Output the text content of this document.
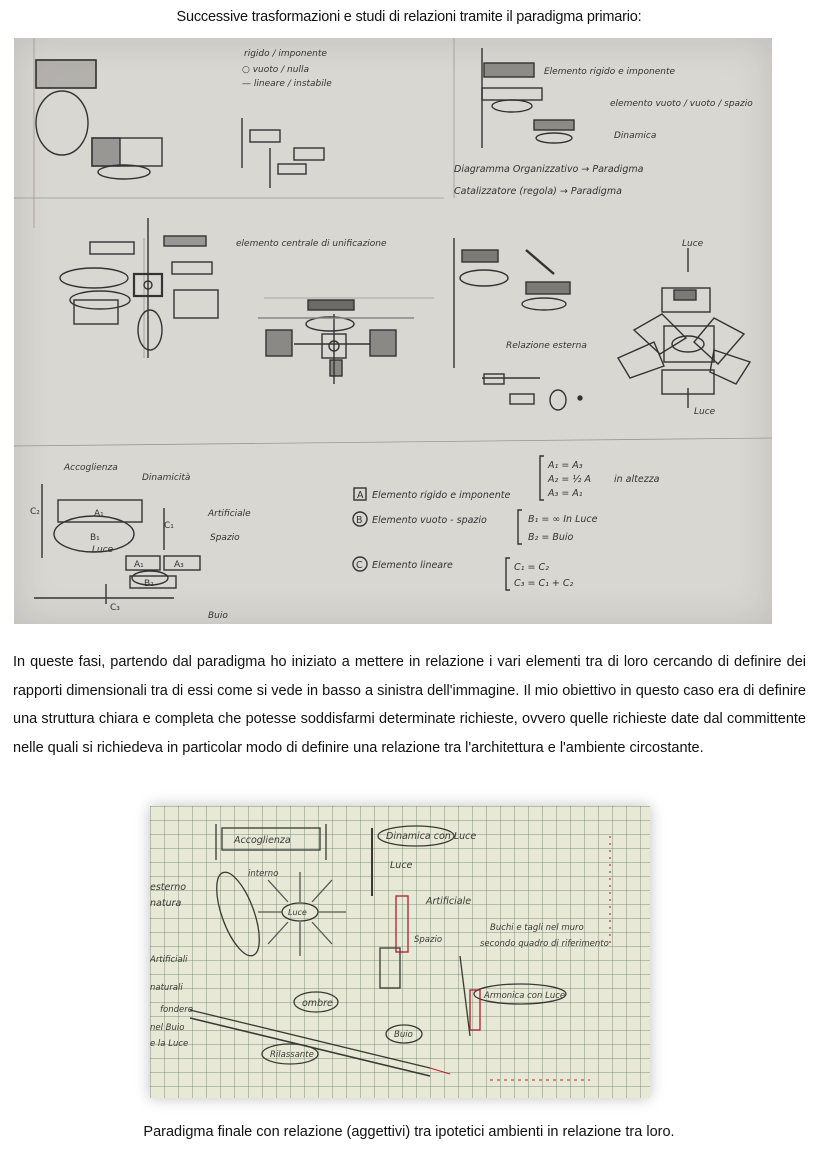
Successive trasformazioni e studi di relazioni tramite il paradigma primario:
rigido / imponente
○ vuoto / nulla
— lineare / instabile
Elemento rigido e imponente
elemento vuoto / vuoto / spazio
Dinamica
Diagramma Organizzativo → Paradigma
Catalizzatore (regola) → Paradigma
elemento centrale di unificazione	Luce
Luce
Relazione esterna
Accoglienza
Dinamicità
Artificiale
Spazio
Buio
Luce
A₁
B₁
A₁	A₃
B₂
C₁
C₂
C₃
A Elemento rigido e imponente
B Elemento vuoto - spazio
C Elemento lineare
A₁ = A₃
A₂ = ½ A
A₃ = A₁
in altezza
B₁ = ∞ In Luce
B₂ = Buio
C₁ = C₂
C₃ = C₁ + C₂
In queste fasi, partendo dal paradigma ho iniziato a mettere in relazione i vari elementi tra di loro cercando di definire dei rapporti dimensionali tra di essi come si vede in basso a sinistra dell'immagine. Il mio obiettivo in questo caso era di definire una struttura chiara e completa che potesse soddisfarmi determinate richieste, ovvero quelle richieste date dal committente nelle quali si richiedeva in particolar modo di definire una relazione tra l'architettura e l'ambiente circostante.
Accoglienza	Dinamica con Luce
Luce
Luce
esterno
natura
interno
Artificiale
Spazio
Buchi e tagli nel muro
secondo quadro di riferimento
Armonica con Luce
ombre
Buio
Rilassante
Artificiali
naturali
fondere
nel Buio
e la Luce
Paradigma finale con relazione (aggettivi) tra ipotetici ambienti in relazione tra loro.
